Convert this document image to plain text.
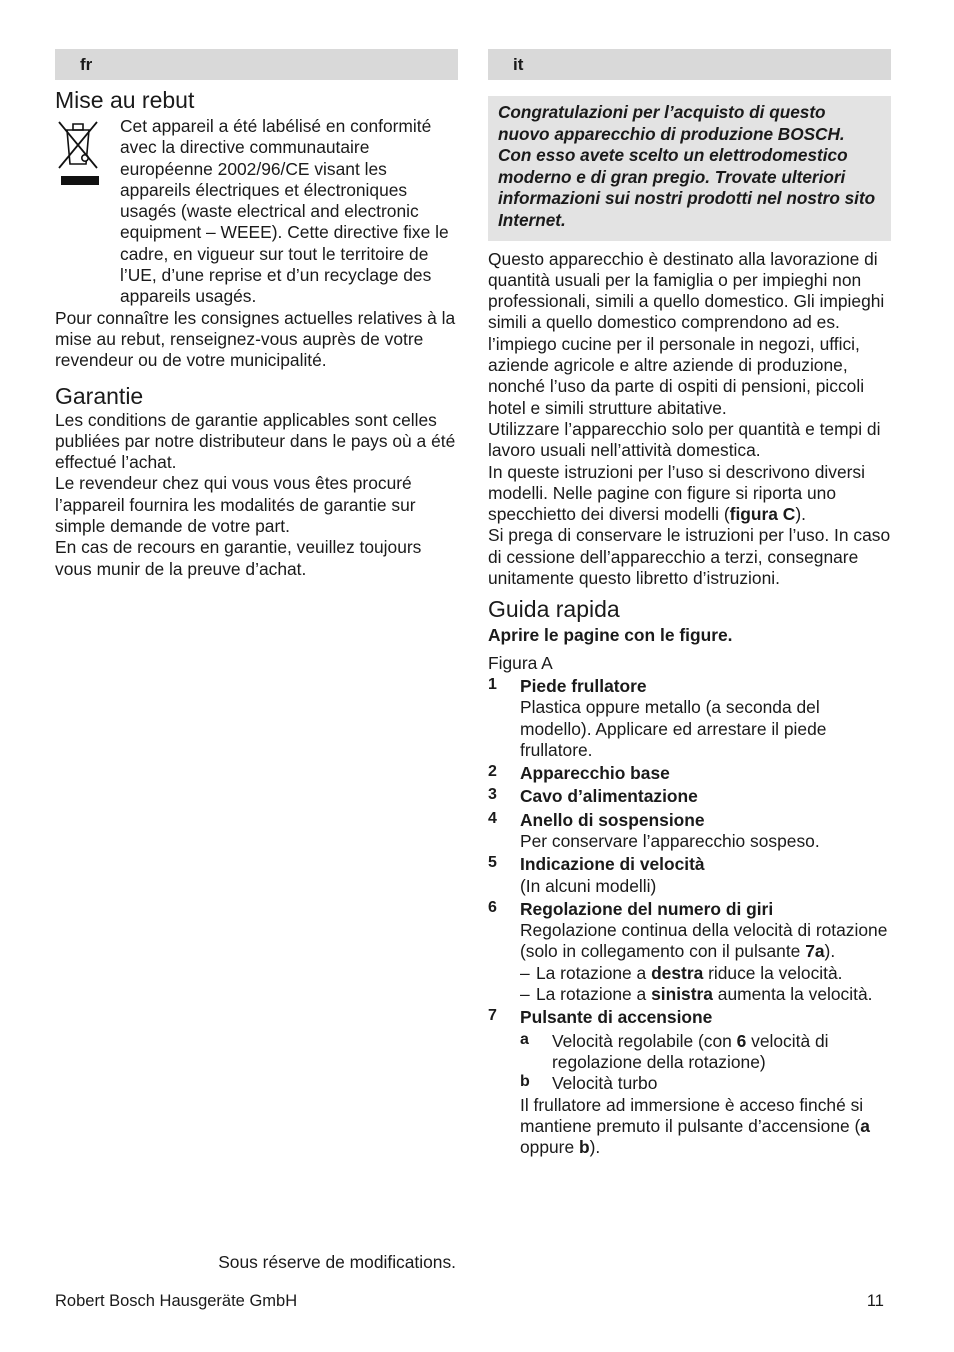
fr
Mise au rebut

Cet appareil a été labélisé en conformité avec la directive communautaire européenne 2002/96/CE visant les appareils électriques et électroniques usagés (waste electrical and electronic equipment – WEEE). Cette directive fixe le cadre, en vigueur sur tout le territoire de l’UE, d’une reprise et d’un recyclage des appareils usagés.

Pour connaître les consignes actuelles relatives à la mise au rebut, renseignez-vous auprès de votre revendeur ou de votre municipalité.

Garantie

Les conditions de garantie applicables sont celles publiées par notre distributeur dans le pays où a été effectué l’achat.

Le revendeur chez qui vous vous êtes procuré l’appareil fournira les modalités de garantie sur simple demande de votre part.

En cas de recours en garantie, veuillez toujours vous munir de la preuve d’achat.

Sous réserve de modifications.
it

Congratulazioni per l’acquisto di questo nuovo apparecchio di produzione BOSCH. Con esso avete scelto un elettrodomestico moderno e di gran pregio. Trovate ulteriori informazioni sui nostri prodotti nel nostro sito Internet.

Questo apparecchio è destinato alla lavorazione di quantità usuali per la famiglia o per impieghi non professionali, simili a quello domestico. Gli impieghi simili a quello domestico comprendono ad es. l’impiego cucine per il personale in negozi, uffici, aziende agricole e altre aziende di produzione, nonché l’uso da parte di ospiti di pensioni, piccoli hotel e simili strutture abitative.

Utilizzare l’apparecchio solo per quantità e tempi di lavoro usuali nell’attività domestica.

In queste istruzioni per l’uso si descrivono diversi modelli. Nelle pagine con figure si riporta uno specchietto dei diversi modelli (figura C).

Si prega di conservare le istruzioni per l’uso. In caso di cessione dell’apparecchio a terzi, consegnare unitamente questo libretto d’istruzioni.

Guida rapida

Aprire le pagine con le figure.

Figura A

1 Piede frullatore

Plastica oppure metallo (a seconda del modello). Applicare ed arrestare il piede frullatore.

2 Apparecchio base

3 Cavo d’alimentazione

4 Anello di sospensione

Per conservare l’apparecchio sospeso.

5 Indicazione di velocità

(In alcuni modelli)

6 Regolazione del numero di giri

Regolazione continua della velocità di rotazione (solo in collegamento con il pulsante 7a).

– La rotazione a destra riduce la velocità.

– La rotazione a sinistra aumenta la velocità.

7 Pulsante di accensione

a Velocità regolabile (con 6 velocità di regolazione della rotazione)

b Velocità turbo

Il frullatore ad immersione è acceso finché si mantiene premuto il pulsante d’accensione (a oppure b).

Robert Bosch Hausgeräte GmbH	11
